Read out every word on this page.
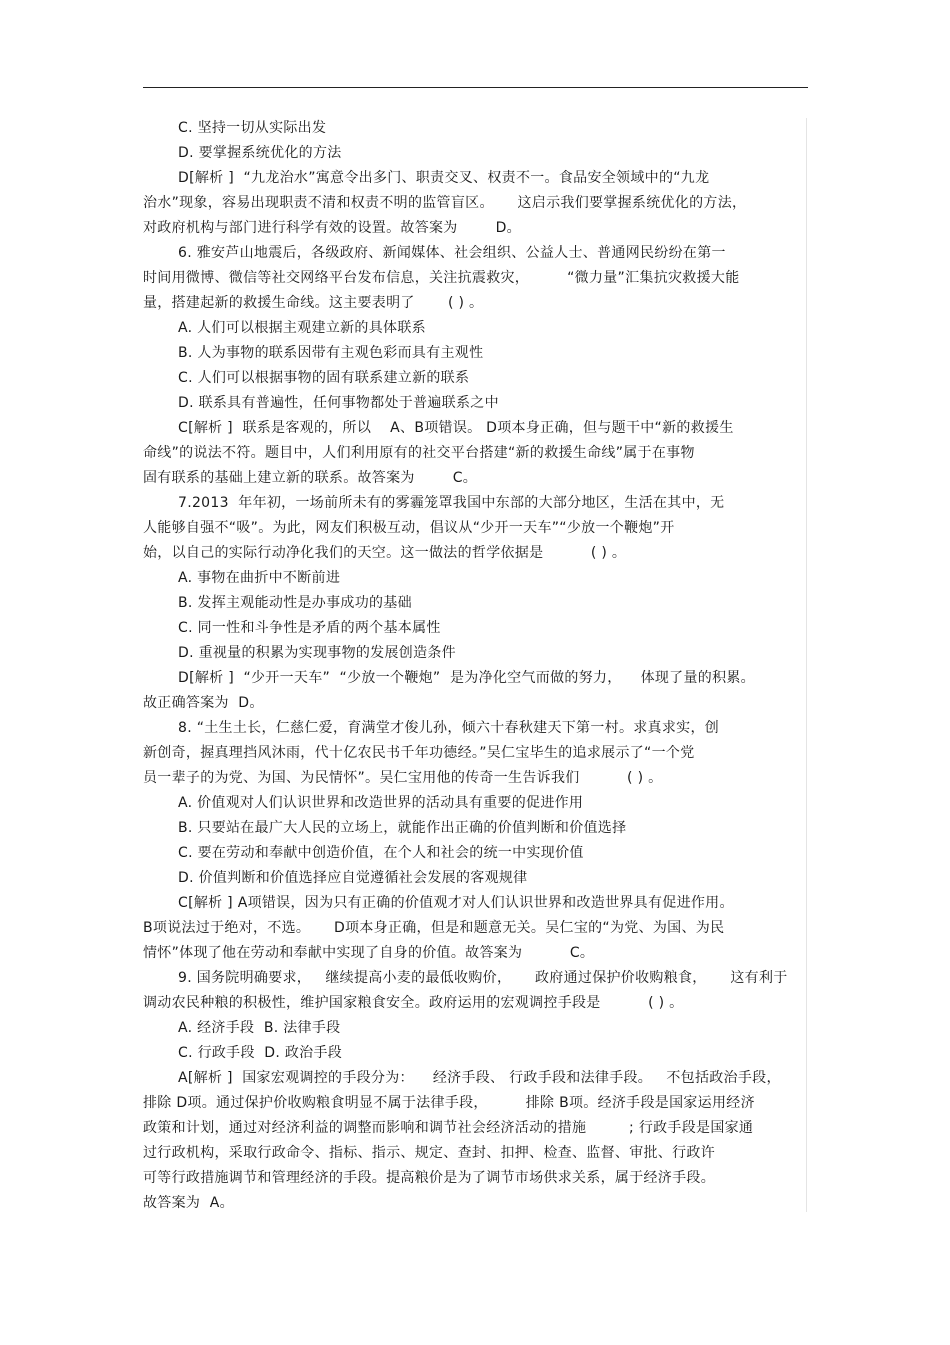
C. 坚持一切从实际出发
D. 要掌握系统优化的方法
D[解析 ]  “九龙治水”寓意令出多门、职责交叉、权责不一。食品安全领域中的“九龙
治水”现象，容易出现职责不清和权责不明的监管盲区。     这启示我们要掌握系统优化的方法，
对政府机构与部门进行科学有效的设置。故答案为        D。
6. 雅安芦山地震后，各级政府、新闻媒体、社会组织、公益人士、普通网民纷纷在第一
时间用微博、微信等社交网络平台发布信息，关注抗震救灾，        “微力量”汇集抗灾救援大能
量，搭建起新的救援生命线。这主要表明了       ( ) 。
A. 人们可以根据主观建立新的具体联系
B. 人为事物的联系因带有主观色彩而具有主观性
C. 人们可以根据事物的固有联系建立新的联系
D. 联系具有普遍性，任何事物都处于普遍联系之中
C[解析 ]  联系是客观的，所以    A、B项错误。 D项本身正确，但与题干中“新的救援生
命线”的说法不符。题目中，人们利用原有的社交平台搭建“新的救援生命线”属于在事物
固有联系的基础上建立新的联系。故答案为        C。
7.2013  年年初，一场前所未有的雾霾笼罩我国中东部的大部分地区，生活在其中，无
人能够自强不“吸”。为此，网友们积极互动，倡议从“少开一天车”“少放一个鞭炮”开
始，以自己的实际行动净化我们的天空。这一做法的哲学依据是          ( ) 。
A. 事物在曲折中不断前进
B. 发挥主观能动性是办事成功的基础
C. 同一性和斗争性是矛盾的两个基本属性
D. 重视量的积累为实现事物的发展创造条件
D[解析 ]  “少开一天车”  “少放一个鞭炮”  是为净化空气而做的努力，    体现了量的积累。
故正确答案为  D。
8. “土生土长，仁慈仁爱，育满堂才俊儿孙，倾六十春秋建天下第一村。求真求实，创
新创奇，握真理挡风沐雨，代十亿农民书千年功德经。”吴仁宝毕生的追求展示了“一个党
员一辈子的为党、为国、为民情怀”。吴仁宝用他的传奇一生告诉我们          ( ) 。
A. 价值观对人们认识世界和改造世界的活动具有重要的促进作用
B. 只要站在最广大人民的立场上，就能作出正确的价值判断和价值选择
C. 要在劳动和奉献中创造价值，在个人和社会的统一中实现价值
D. 价值判断和价值选择应自觉遵循社会发展的客观规律
C[解析 ] A项错误，因为只有正确的价值观才对人们认识世界和改造世界具有促进作用。
B项说法过于绝对，不选。     D项本身正确，但是和题意无关。吴仁宝的“为党、为国、为民
情怀”体现了他在劳动和奉献中实现了自身的价值。故答案为          C。
9. 国务院明确要求，   继续提高小麦的最低收购价，     政府通过保护价收购粮食，     这有利于
调动农民种粮的积极性，维护国家粮食安全。政府运用的宏观调控手段是          ( ) 。
A. 经济手段  B. 法律手段
C. 行政手段  D. 政治手段
A[解析 ]  国家宏观调控的手段分为：    经济手段、 行政手段和法律手段。   不包括政治手段，
排除 D项。通过保护价收购粮食明显不属于法律手段，        排除 B项。经济手段是国家运用经济
政策和计划，通过对经济利益的调整而影响和调节社会经济活动的措施         ; 行政手段是国家通
过行政机构，采取行政命令、指标、指示、规定、查封、扣押、检查、监督、审批、行政许
可等行政措施调节和管理经济的手段。提高粮价是为了调节市场供求关系，属于经济手段。
故答案为  A。
